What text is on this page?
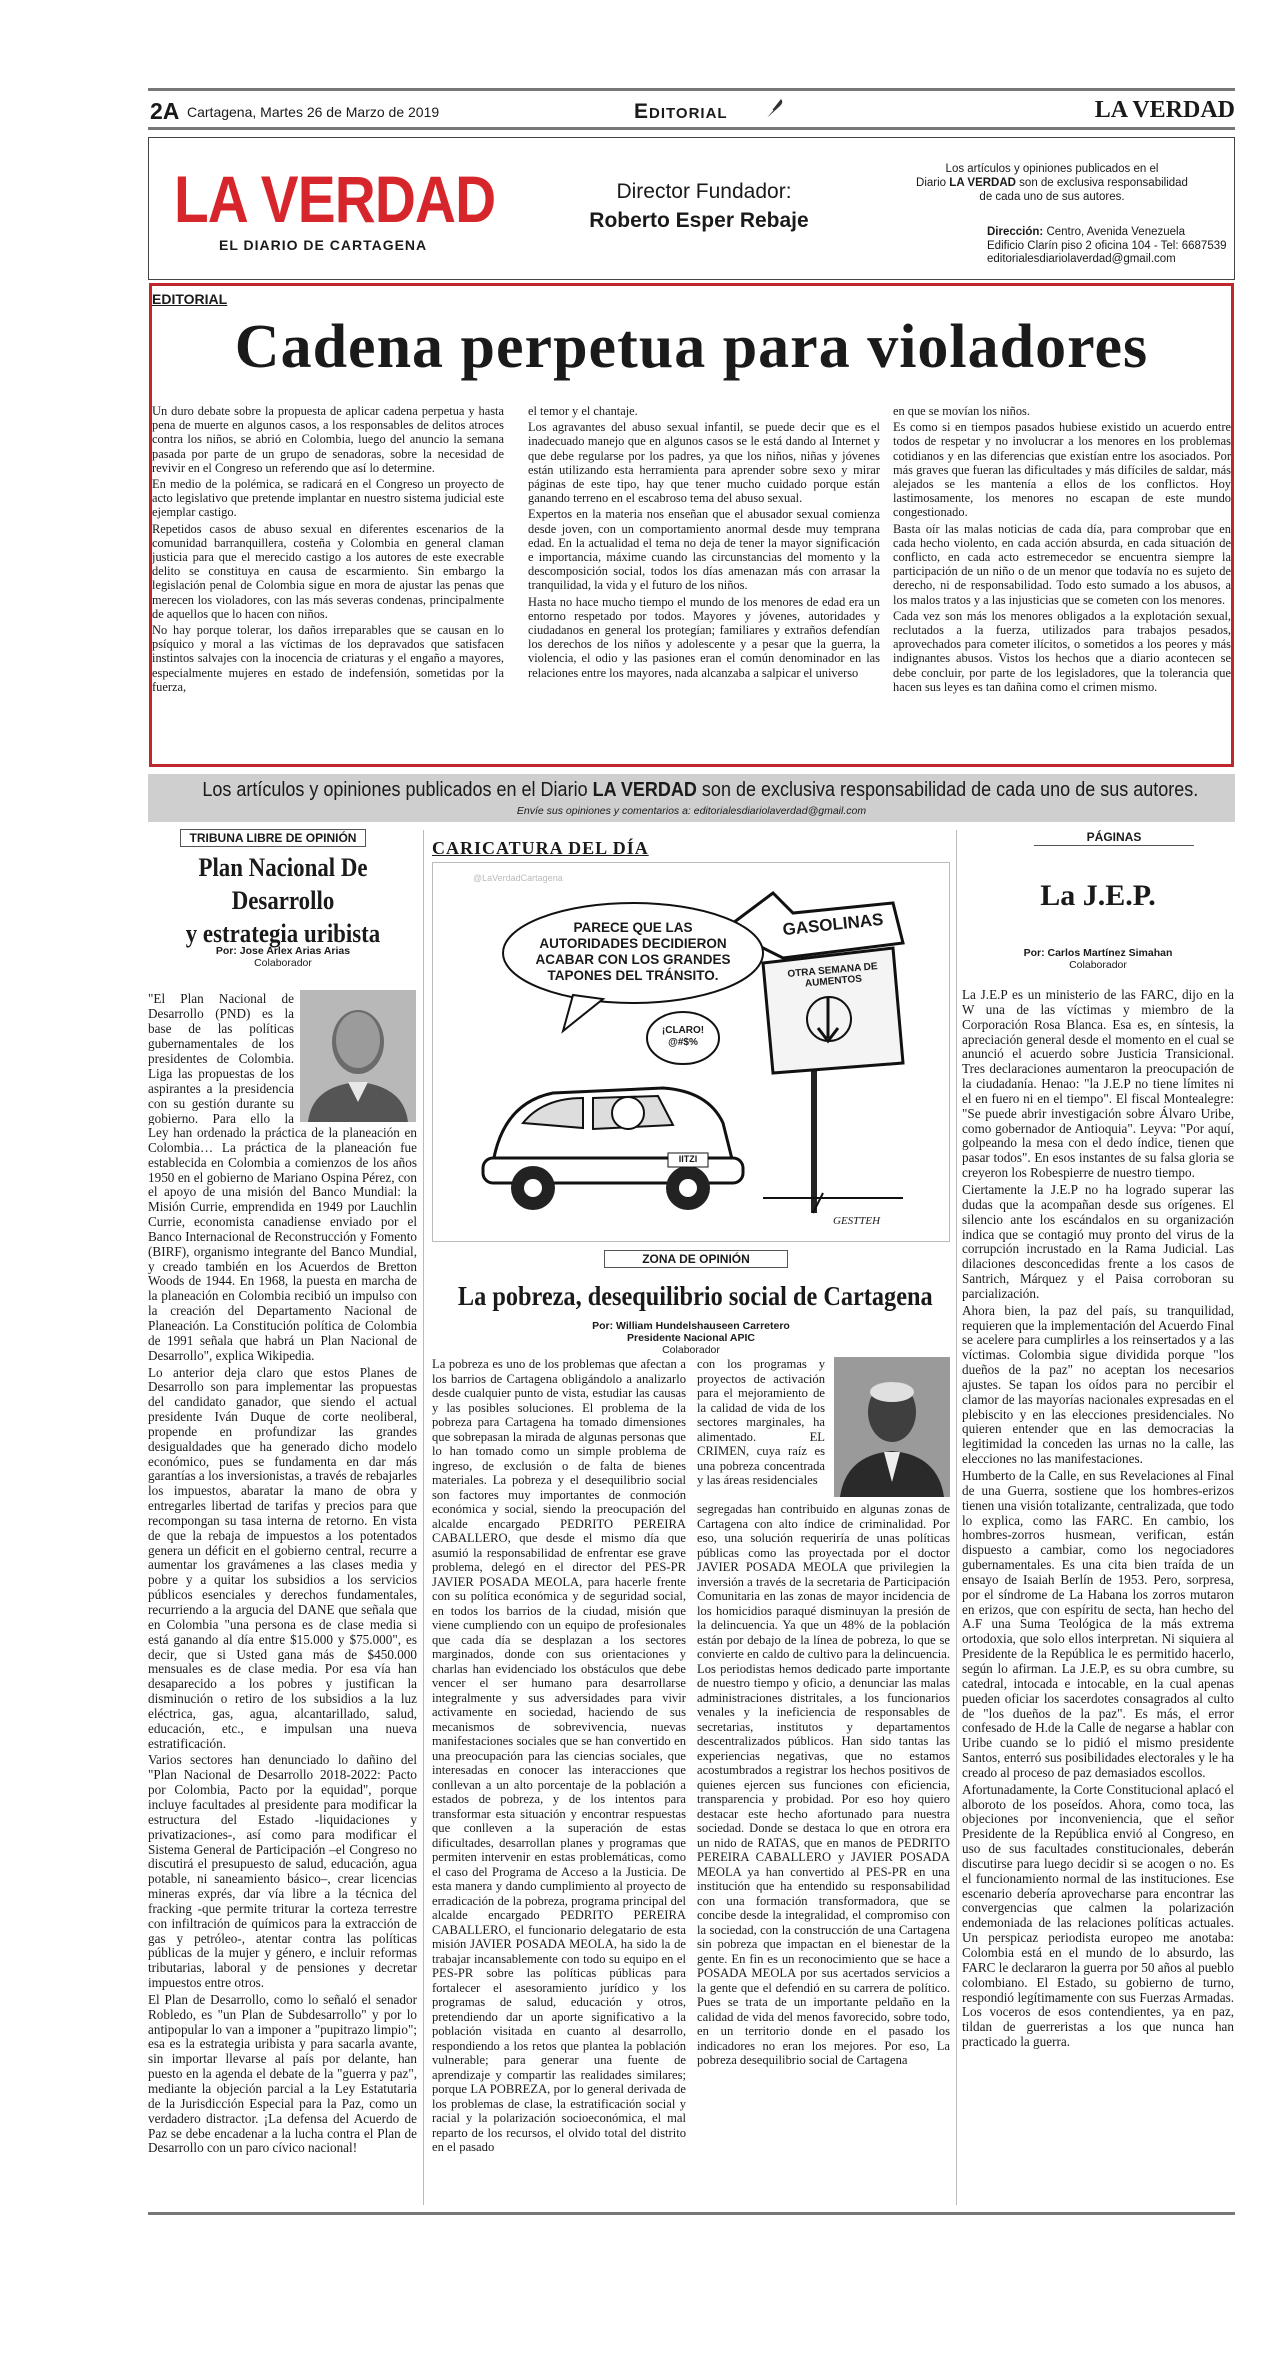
2A Cartagena, Martes 26 de Marzo de 2019	Editorial	LA VERDAD
LA VERDAD
EL DIARIO DE CARTAGENA
Director Fundador:
Roberto Esper Rebaje
Los artículos y opiniones publicados en el
Diario LA VERDAD son de exclusiva responsabilidad
de cada uno de sus autores.
Dirección: Centro, Avenida Venezuela
Edificio Clarín piso 2 oficina 104 - Tel: 6687539
editorialesdiariolaverdad@gmail.com
EDITORIAL
Cadena perpetua para violadores

Un duro debate sobre la propuesta de aplicar cadena perpetua y hasta pena de muerte en algunos casos, a los responsables de delitos atroces contra los niños, se abrió en Colombia, luego del anuncio la semana pasada por parte de un grupo de senadoras, sobre la necesidad de revivir en el Congreso un referendo que así lo determine.

En medio de la polémica, se radicará en el Congreso un proyecto de acto legislativo que pretende implantar en nuestro sistema judicial este ejemplar castigo.

Repetidos casos de abuso sexual en diferentes escenarios de la comunidad barranquillera, costeña y Colombia en general claman justicia para que el merecido castigo a los autores de este execrable delito se constituya en causa de escarmiento. Sin embargo la legislación penal de Colombia sigue en mora de ajustar las penas que merecen los violadores, con las más severas condenas, principalmente de aquellos que lo hacen con niños.

No hay porque tolerar, los daños irreparables que se causan en lo psíquico y moral a las víctimas de los depravados que satisfacen instintos salvajes con la inocencia de criaturas y el engaño a mayores, especialmente mujeres en estado de indefensión, sometidas por la fuerza,

el temor y el chantaje.

Los agravantes del abuso sexual infantil, se puede decir que es el inadecuado manejo que en algunos casos se le está dando al Internet y que debe regularse por los padres, ya que los niños, niñas y jóvenes están utilizando esta herramienta para aprender sobre sexo y mirar páginas de este tipo, hay que tener mucho cuidado porque están ganando terreno en el escabroso tema del abuso sexual.

Expertos en la materia nos enseñan que el abusador sexual comienza desde joven, con un comportamiento anormal desde muy temprana edad. En la actualidad el tema no deja de tener la mayor significación e importancia, máxime cuando las circunstancias del momento y la descomposición social, todos los días amenazan más con arrasar la tranquilidad, la vida y el futuro de los niños.

Hasta no hace mucho tiempo el mundo de los menores de edad era un entorno respetado por todos. Mayores y jóvenes, autoridades y ciudadanos en general los protegían; familiares y extraños defendían los derechos de los niños y adolescente y a pesar que la guerra, la violencia, el odio y las pasiones eran el común denominador en las relaciones entre los mayores, nada alcanzaba a salpicar el universo

en que se movían los niños.

Es como si en tiempos pasados hubiese existido un acuerdo entre todos de respetar y no involucrar a los menores en los problemas cotidianos y en las diferencias que existían entre los asociados. Por más graves que fueran las dificultades y más difíciles de saldar, más alejados se les mantenía a ellos de los conflictos. Hoy lastimosamente, los menores no escapan de este mundo congestionado.

Basta oír las malas noticias de cada día, para comprobar que en cada hecho violento, en cada acción absurda, en cada situación de conflicto, en cada acto estremecedor se encuentra siempre la participación de un niño o de un menor que todavía no es sujeto de derecho, ni de responsabilidad. Todo esto sumado a los abusos, a los malos tratos y a las injusticias que se cometen con los menores.

Cada vez son más los menores obligados a la explotación sexual, reclutados a la fuerza, utilizados para trabajos pesados, aprovechados para cometer ilícitos, o sometidos a los peores y más indignantes abusos. Vistos los hechos que a diario acontecen se debe concluir, por parte de los legisladores, que la tolerancia que hacen sus leyes es tan dañina como el crimen mismo.

Los artículos y opiniones publicados en el Diario LA VERDAD son de exclusiva responsabilidad de cada uno de sus autores.
Envíe sus opiniones y comentarios a: editorialesdiariolaverdad@gmail.com
TRIBUNA LIBRE DE OPINIÓN
Plan Nacional De Desarrollo
y estrategia uribista
Por: Jose Arlex Arias Arias
Colaborador

"El Plan Nacional de Desarrollo (PND) es la base de las políticas gubernamentales de los presidentes de Colombia. Liga las propuestas de los aspirantes a la presidencia con su gestión durante su gobierno. Para ello la

Ley han ordenado la práctica de la planeación en Colombia… La práctica de la planeación fue establecida en Colombia a comienzos de los años 1950 en el gobierno de Mariano Ospina Pérez, con el apoyo de una misión del Banco Mundial: la Misión Currie, emprendida en 1949 por Lauchlin Currie, economista canadiense enviado por el Banco Internacional de Reconstrucción y Fomento (BIRF), organismo integrante del Banco Mundial, y creado también en los Acuerdos de Bretton Woods de 1944. En 1968, la puesta en marcha de la planeación en Colombia recibió un impulso con la creación del Departamento Nacional de Planeación. La Constitución política de Colombia de 1991 señala que habrá un Plan Nacional de Desarrollo", explica Wikipedia.

Lo anterior deja claro que estos Planes de Desarrollo son para implementar las propuestas del candidato ganador, que siendo el actual presidente Iván Duque de corte neoliberal, propende en profundizar las grandes desigualdades que ha generado dicho modelo económico, pues se fundamenta en dar más garantías a los inversionistas, a través de rebajarles los impuestos, abaratar la mano de obra y entregarles libertad de tarifas y precios para que recompongan su tasa interna de retorno. En vista de que la rebaja de impuestos a los potentados genera un déficit en el gobierno central, recurre a aumentar los gravámenes a las clases media y pobre y a quitar los subsidios a los servicios públicos esenciales y derechos fundamentales, recurriendo a la argucia del DANE que señala que en Colombia "una persona es de clase media si está ganando al día entre $15.000 y $75.000", es decir, que si Usted gana más de $450.000 mensuales es de clase media. Por esa vía han desaparecido a los pobres y justifican la disminución o retiro de los subsidios a la luz eléctrica, gas, agua, alcantarillado, salud, educación, etc., e impulsan una nueva estratificación.

Varios sectores han denunciado lo dañino del "Plan Nacional de Desarrollo 2018-2022: Pacto por Colombia, Pacto por la equidad", porque incluye facultades al presidente para modificar la estructura del Estado -liquidaciones y privatizaciones-, así como para modificar el Sistema General de Participación –el Congreso no discutirá el presupuesto de salud, educación, agua potable, ni saneamiento básico–, crear licencias mineras exprés, dar vía libre a la técnica del fracking -que permite triturar la corteza terrestre con infiltración de químicos para la extracción de gas y petróleo-, atentar contra las políticas públicas de la mujer y género, e incluir reformas tributarias, laboral y de pensiones y decretar impuestos entre otros.

El Plan de Desarrollo, como lo señaló el senador Robledo, es "un Plan de Subdesarrollo" y por lo antipopular lo van a imponer a "pupitrazo limpio"; esa es la estrategia uribista y para sacarla avante, sin importar llevarse al país por delante, han puesto en la agenda el debate de la "guerra y paz", mediante la objeción parcial a la Ley Estatutaria de la Jurisdicción Especial para la Paz, como un verdadero distractor. ¡La defensa del Acuerdo de Paz se debe encadenar a la lucha contra el Plan de Desarrollo con un paro cívico nacional!

CARICATURA DEL DÍA
PARECE QUE LAS AUTORIDADES DECIDIERON ACABAR CON LOS GRANDES TAPONES DEL TRÁNSITO.
GASOLINAS
OTRA SEMANA DE AUMENTOS
¡CLARO! @#$%
IITZI
GESTTEH
@LaVerdadCartagena
ZONA DE OPINIÓN
La pobreza, desequilibrio social de Cartagena
Por: William Hundelshauseen Carretero
Presidente Nacional APIC
Colaborador

La pobreza es uno de los problemas que afectan a los barrios de Cartagena obligándolo a analizarlo desde cualquier punto de vista, estudiar las causas y las posibles soluciones. El problema de la pobreza para Cartagena ha tomado dimensiones que sobrepasan la mirada de algunas personas que lo han tomado como un simple problema de ingreso, de exclusión o de falta de bienes materiales. La pobreza y el desequilibrio social son factores muy importantes de conmoción económica y social, siendo la preocupación del alcalde encargado PEDRITO PEREIRA CABALLERO, que desde el mismo día que asumió la responsabilidad de enfrentar ese grave problema, delegó en el director del PES-PR JAVIER POSADA MEOLA, para hacerle frente con su política económica y de seguridad social, en todos los barrios de la ciudad, misión que viene cumpliendo con un equipo de profesionales que cada día se desplazan a los sectores marginados, donde con sus orientaciones y charlas han evidenciado los obstáculos que debe vencer el ser humano para desarrollarse integralmente y sus adversidades para vivir activamente en sociedad, haciendo de sus mecanismos de sobrevivencia, nuevas manifestaciones sociales que se han convertido en una preocupación para las ciencias sociales, que interesadas en conocer las interacciones que conllevan a un alto porcentaje de la población a estados de pobreza, y de los intentos para transformar esta situación y encontrar respuestas que conlleven a la superación de estas dificultades, desarrollan planes y programas que permiten intervenir en estas problemáticas, como el caso del Programa de Acceso a la Justicia. De esta manera y dando cumplimiento al proyecto de erradicación de la pobreza, programa principal del alcalde encargado PEDRITO PEREIRA CABALLERO, el funcionario delegatario de esta misión JAVIER POSADA MEOLA, ha sido la de trabajar incansablemente con todo su equipo en el PES-PR sobre las políticas públicas para fortalecer el asesoramiento jurídico y los programas de salud, educación y otros, pretendiendo dar un aporte significativo a la población visitada en cuanto al desarrollo, respondiendo a los retos que plantea la población vulnerable; para generar una fuente de aprendizaje y compartir las realidades similares; porque LA POBREZA, por lo general derivada de los problemas de clase, la estratificación social y racial y la polarización socioeconómica, el mal reparto de los recursos, el olvido total del distrito en el pasado

con los programas y proyectos de activación para el mejoramiento de la calidad de vida de los sectores marginales, ha alimentado. EL CRIMEN, cuya raíz es una pobreza concentrada y las áreas residenciales

segregadas han contribuido en algunas zonas de Cartagena con alto índice de criminalidad. Por eso, una solución requeriría de unas políticas públicas como las proyectada por el doctor JAVIER POSADA MEOLA que privilegien la inversión a través de la secretaria de Participación Comunitaria en las zonas de mayor incidencia de los homicidios paraqué disminuyan la presión de la delincuencia. Ya que un 48% de la población están por debajo de la línea de pobreza, lo que se convierte en caldo de cultivo para la delincuencia. Los periodistas hemos dedicado parte importante de nuestro tiempo y oficio, a denunciar las malas administraciones distritales, a los funcionarios venales y la ineficiencia de responsables de secretarias, institutos y departamentos descentralizados públicos. Han sido tantas las experiencias negativas, que no estamos acostumbrados a registrar los hechos positivos de quienes ejercen sus funciones con eficiencia, transparencia y probidad. Por eso hoy quiero destacar este hecho afortunado para nuestra sociedad. Donde se destaca lo que en otrora era un nido de RATAS, que en manos de PEDRITO PEREIRA CABALLERO y JAVIER POSADA MEOLA ya han convertido al PES-PR en una institución que ha entendido su responsabilidad con una formación transformadora, que se concibe desde la integralidad, el compromiso con la sociedad, con la construcción de una Cartagena sin pobreza que impactan en el bienestar de la gente. En fin es un reconocimiento que se hace a POSADA MEOLA por sus acertados servicios a la gente que el defendió en su carrera de político. Pues se trata de un importante peldaño en la calidad de vida del menos favorecido, sobre todo, en un territorio donde en el pasado los indicadores no eran los mejores. Por eso, La pobreza desequilibrio social de Cartagena

PÁGINAS
La J.E.P.
Por: Carlos Martínez Simahan
Colaborador

La J.E.P es un ministerio de las FARC, dijo en la W una de las víctimas y miembro de la Corporación Rosa Blanca. Esa es, en síntesis, la apreciación general desde el momento en el cual se anunció el acuerdo sobre Justicia Transicional. Tres declaraciones aumentaron la preocupación de la ciudadanía. Henao: "la J.E.P no tiene límites ni el en fuero ni en el tiempo". El fiscal Montealegre: "Se puede abrir investigación sobre Álvaro Uribe, como gobernador de Antioquia". Leyva: "Por aquí, golpeando la mesa con el dedo índice, tienen que pasar todos". En esos instantes de su falsa gloria se creyeron los Robespierre de nuestro tiempo.

Ciertamente la J.E.P no ha logrado superar las dudas que la acompañan desde sus orígenes. El silencio ante los escándalos en su organización indica que se contagió muy pronto del virus de la corrupción incrustado en la Rama Judicial. Las dilaciones desconcedidas frente a los casos de Santrich, Márquez y el Paisa corroboran su parcialización.

Ahora bien, la paz del país, su tranquilidad, requieren que la implementación del Acuerdo Final se acelere para cumplirles a los reinsertados y a las víctimas. Colombia sigue dividida porque "los dueños de la paz" no aceptan los necesarios ajustes. Se tapan los oídos para no percibir el clamor de las mayorías nacionales expresadas en el plebiscito y en las elecciones presidenciales. No quieren entender que en las democracias la legitimidad la conceden las urnas no la calle, las elecciones no las manifestaciones.

Humberto de la Calle, en sus Revelaciones al Final de una Guerra, sostiene que los hombres-erizos tienen una visión totalizante, centralizada, que todo lo explica, como las FARC. En cambio, los hombres-zorros husmean, verifican, están dispuesto a cambiar, como los negociadores gubernamentales. Es una cita bien traída de un ensayo de Isaiah Berlín de 1953. Pero, sorpresa, por el síndrome de La Habana los zorros mutaron en erizos, que con espíritu de secta, han hecho del A.F una Suma Teológica de la más extrema ortodoxia, que solo ellos interpretan. Ni siquiera al Presidente de la República le es permitido hacerlo, según lo afirman. La J.E.P, es su obra cumbre, su catedral, intocada e intocable, en la cual apenas pueden oficiar los sacerdotes consagrados al culto de "los dueños de la paz". Es más, el error confesado de H.de la Calle de negarse a hablar con Uribe cuando se lo pidió el mismo presidente Santos, enterró sus posibilidades electorales y le ha creado al proceso de paz demasiados escollos.

Afortunadamente, la Corte Constitucional aplacó el alboroto de los poseídos. Ahora, como toca, las objeciones por inconveniencia, que el señor Presidente de la República envió al Congreso, en uso de sus facultades constitucionales, deberán discutirse para luego decidir si se acogen o no. Es el funcionamiento normal de las instituciones. Ese escenario debería aprovecharse para encontrar las convergencias que calmen la polarización endemoniada de las relaciones políticas actuales. Un perspicaz periodista europeo me anotaba: Colombia está en el mundo de lo absurdo, las FARC le declararon la guerra por 50 años al pueblo colombiano. El Estado, su gobierno de turno, respondió legítimamente con sus Fuerzas Armadas. Los voceros de esos contendientes, ya en paz, tildan de guerreristas a los que nunca han practicado la guerra.
